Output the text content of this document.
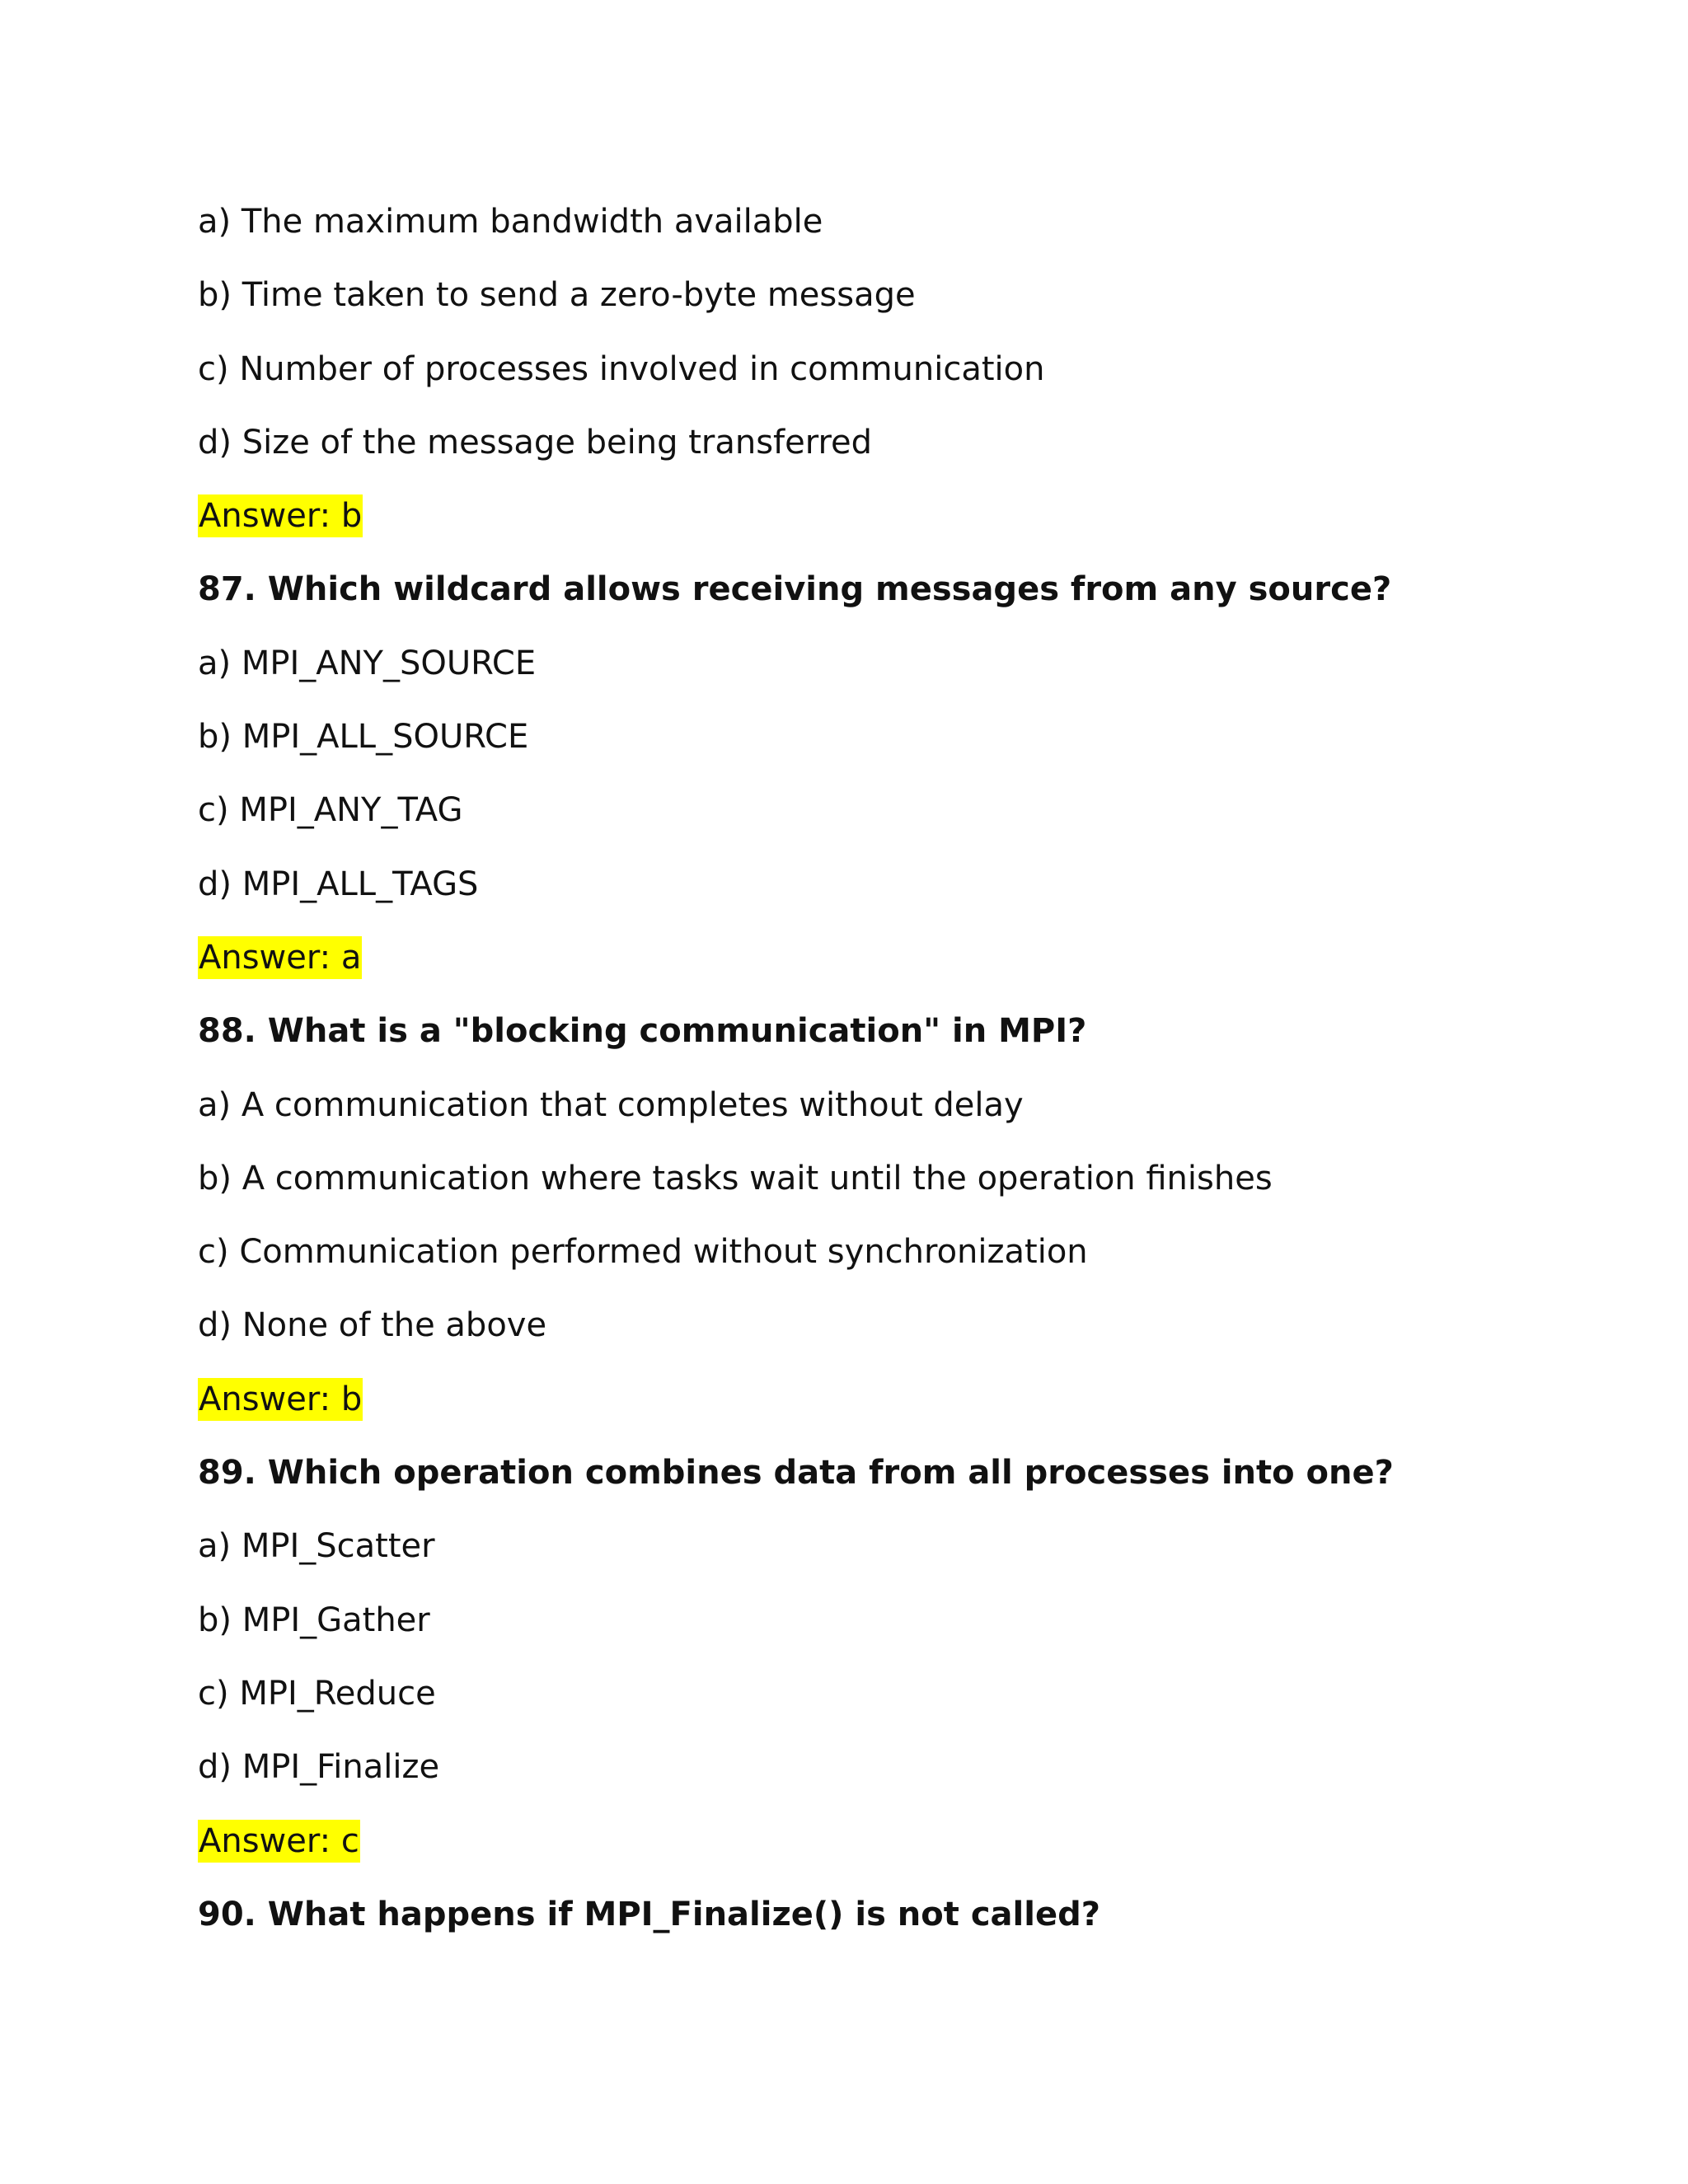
a) The maximum bandwidth available
b) Time taken to send a zero-byte message
c) Number of processes involved in communication
d) Size of the message being transferred
Answer: b
87. Which wildcard allows receiving messages from any source?
a) MPI_ANY_SOURCE
b) MPI_ALL_SOURCE
c) MPI_ANY_TAG
d) MPI_ALL_TAGS
Answer: a
88. What is a "blocking communication" in MPI?
a) A communication that completes without delay
b) A communication where tasks wait until the operation finishes
c) Communication performed without synchronization
d) None of the above
Answer: b
89. Which operation combines data from all processes into one?
a) MPI_Scatter
b) MPI_Gather
c) MPI_Reduce
d) MPI_Finalize
Answer: c
90. What happens if MPI_Finalize() is not called?
